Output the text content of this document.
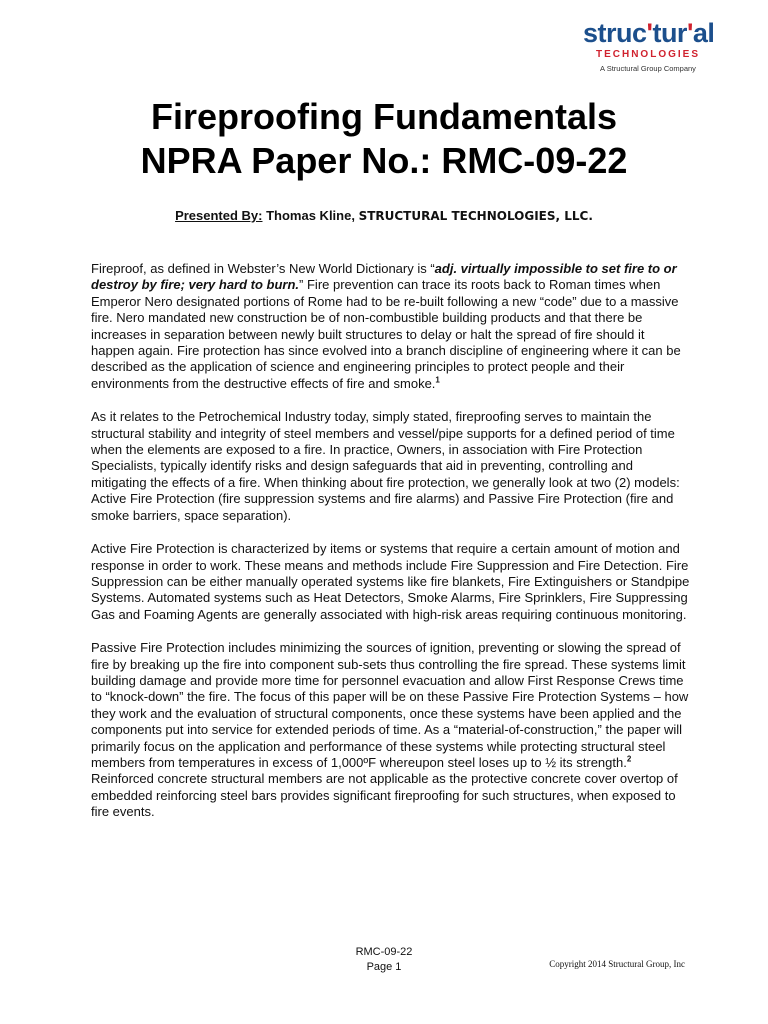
struc'tur'al
TECHNOLOGIES
A Structural Group Company
Fireproofing Fundamentals
NPRA Paper No.: RMC-09-22
Presented By: Thomas Kline, STRUCTURAL TECHNOLOGIES, LLC.

Fireproof, as defined in Webster’s New World Dictionary is “adj. virtually impossible to set fire to or destroy by fire; very hard to burn.” Fire prevention can trace its roots back to Roman times when Emperor Nero designated portions of Rome had to be re-built following a new “code” due to a massive fire. Nero mandated new construction be of non-combustible building products and that there be increases in separation between newly built structures to delay or halt the spread of fire should it happen again. Fire protection has since evolved into a branch discipline of engineering where it can be described as the application of science and engineering principles to protect people and their environments from the destructive effects of fire and smoke.$^1$

As it relates to the Petrochemical Industry today, simply stated, fireproofing serves to maintain the structural stability and integrity of steel members and vessel/pipe supports for a defined period of time when the elements are exposed to a fire. In practice, Owners, in association with Fire Protection Specialists, typically identify risks and design safeguards that aid in preventing, controlling and mitigating the effects of a fire. When thinking about fire protection, we generally look at two (2) models: Active Fire Protection (fire suppression systems and fire alarms) and Passive Fire Protection (fire and smoke barriers, space separation).

Active Fire Protection is characterized by items or systems that require a certain amount of motion and response in order to work. These means and methods include Fire Suppression and Fire Detection. Fire Suppression can be either manually operated systems like fire blankets, Fire Extinguishers or Standpipe Systems. Automated systems such as Heat Detectors, Smoke Alarms, Fire Sprinklers, Fire Suppressing Gas and Foaming Agents are generally associated with high-risk areas requiring continuous monitoring.

Passive Fire Protection includes minimizing the sources of ignition, preventing or slowing the spread of fire by breaking up the fire into component sub-sets thus controlling the fire spread. These systems limit building damage and provide more time for personnel evacuation and allow First Response Crews time to “knock-down” the fire. The focus of this paper will be on these Passive Fire Protection Systems – how they work and the evaluation of structural components, once these systems have been applied and the components put into service for extended periods of time. As a “material-of-construction,” the paper will primarily focus on the application and performance of these systems while protecting structural steel members from temperatures in excess of 1,000ºF whereupon steel loses up to ½ its strength.$^2$ Reinforced concrete structural members are not applicable as the protective concrete cover overtop of embedded reinforcing steel bars provides significant fireproofing for such structures, when exposed to fire events.

RMC-09-22
Page 1	Copyright 2014 Structural Group, Inc
